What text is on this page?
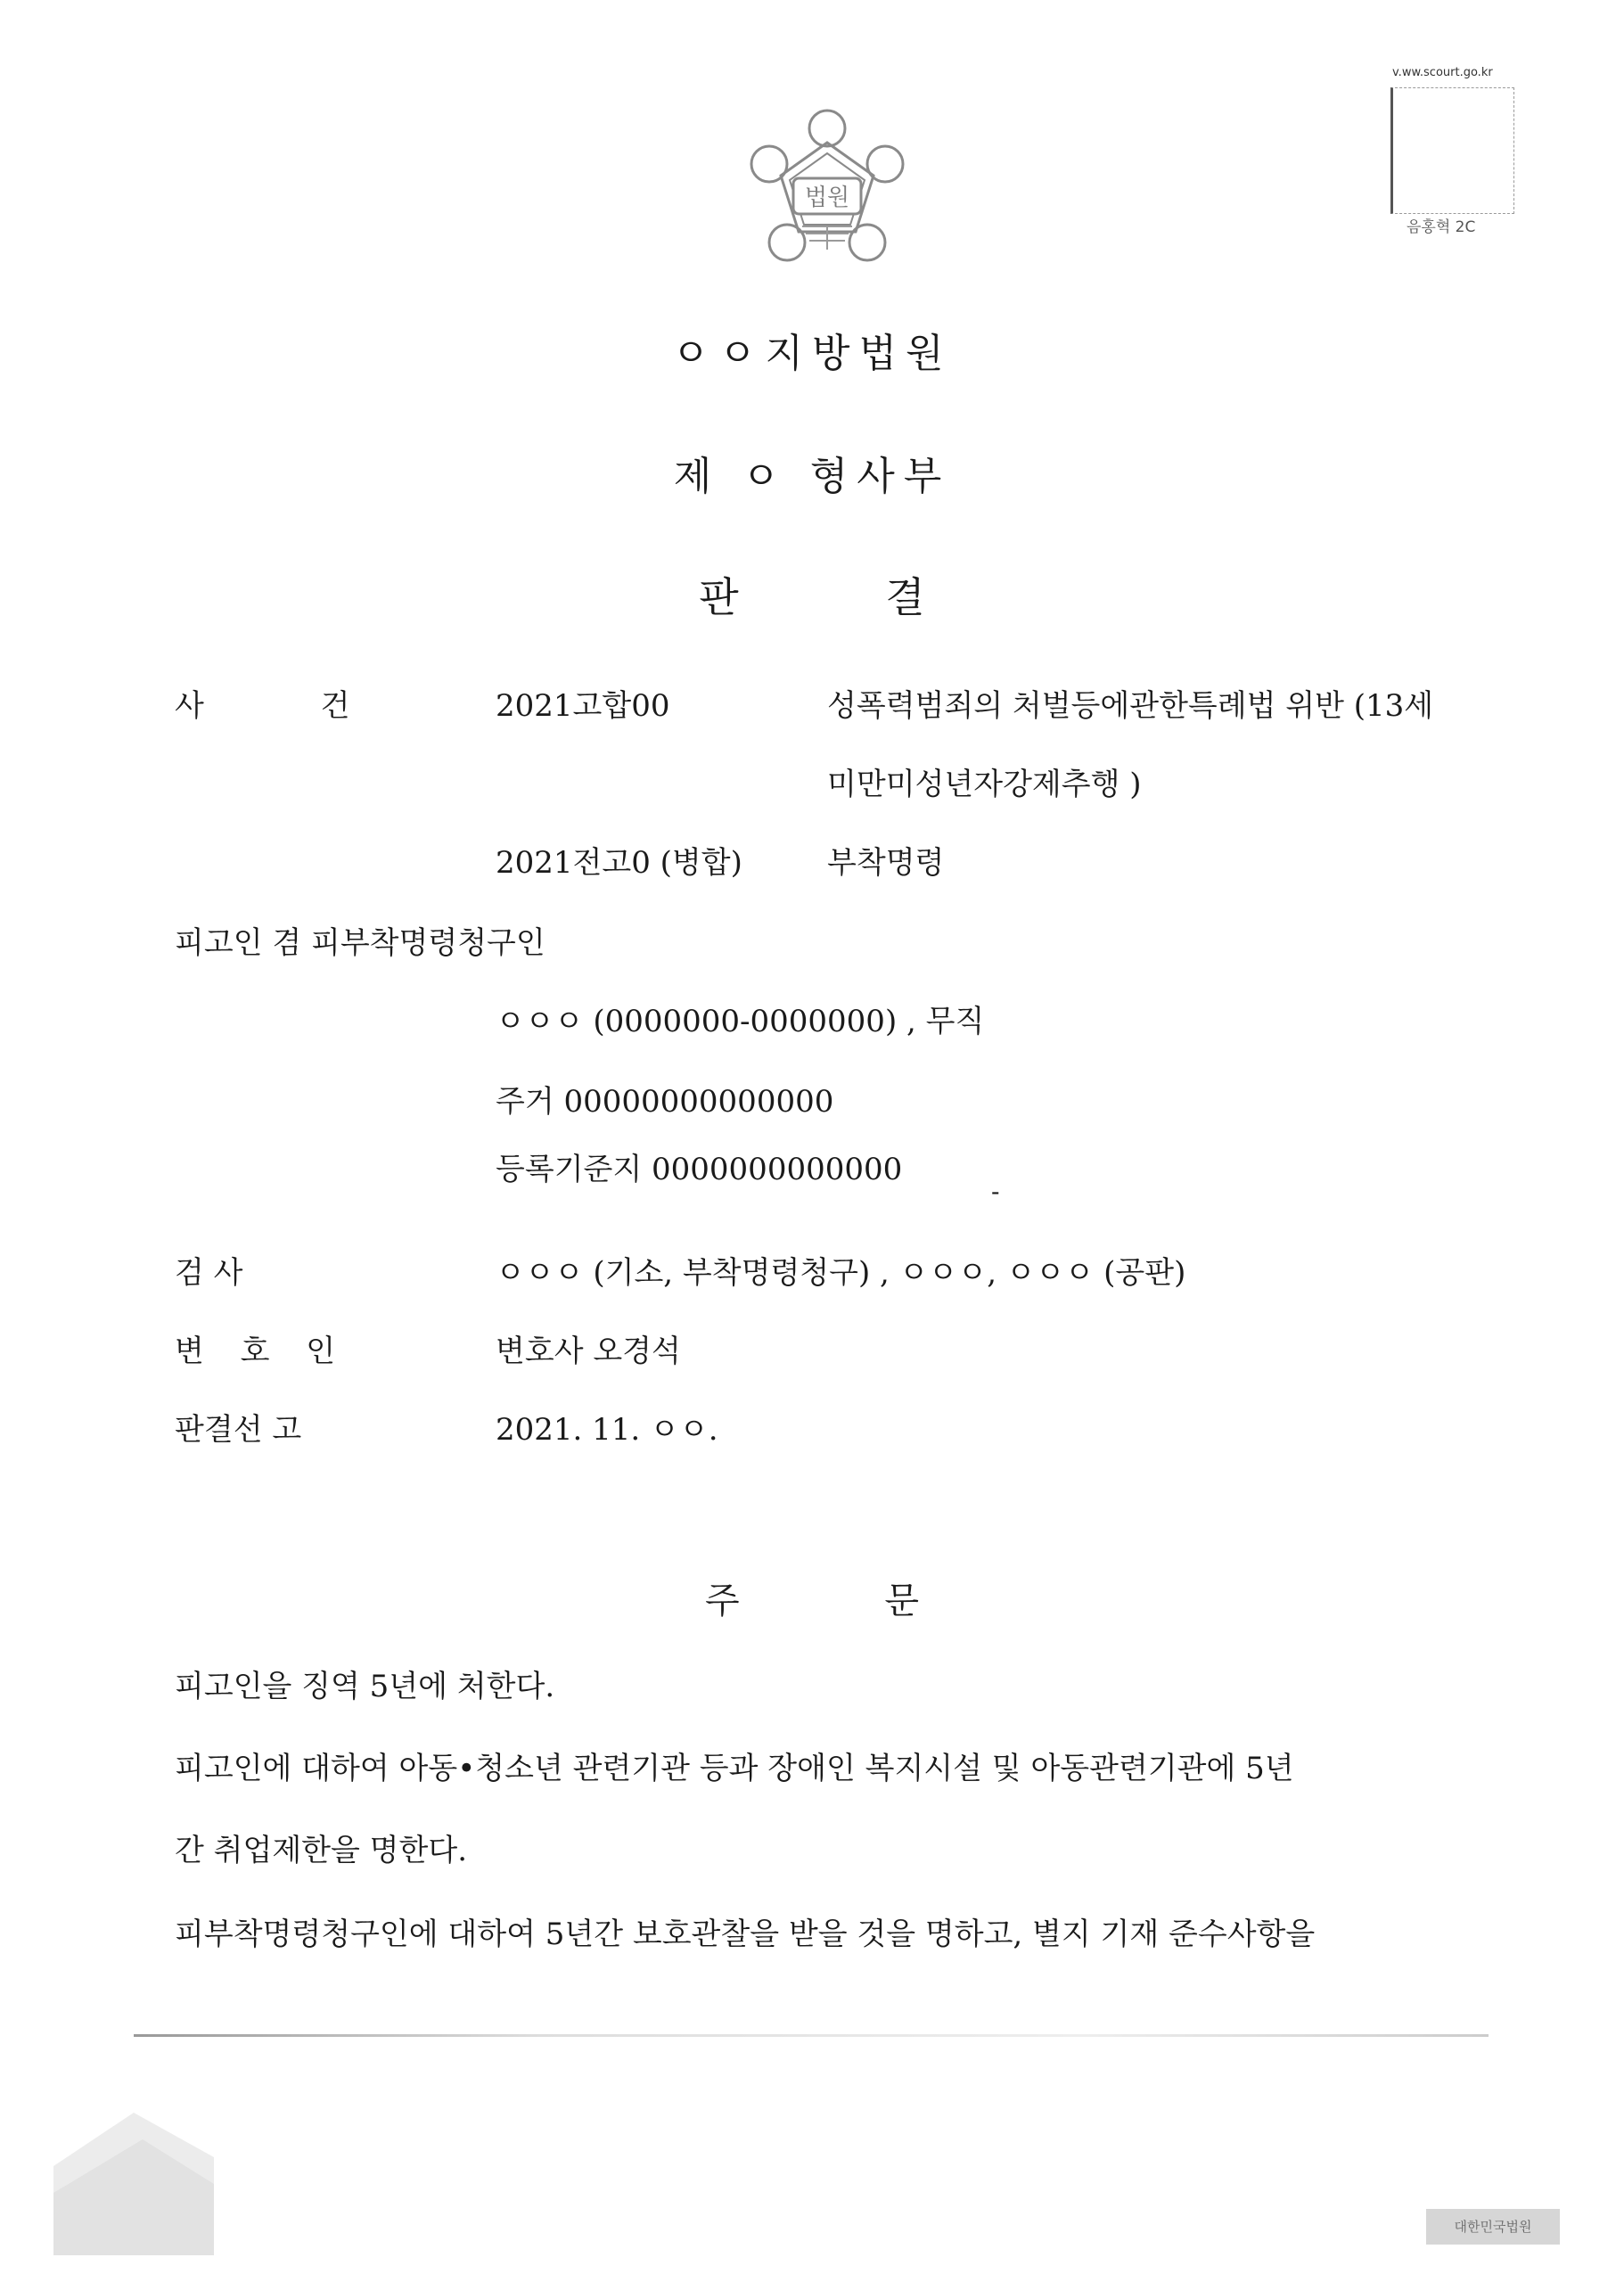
법원
v.ww.scourt.go.kr
음홍혁 2C
ㅇㅇ지방법원
제 ㅇ 형사부
판 결
사 건	2021고합00	성폭력범죄의 처벌등에관한특례법 위반 (13세
미만미성년자강제추행 )
2021전고0 (병합)	부착명령
피고인 겸 피부착명령청구인
ㅇㅇㅇ (0000000-0000000) , 무직
주거 00000000000000
등록기준지 0000000000000
-
검 사	ㅇㅇㅇ (기소, 부착명령청구) , ㅇㅇㅇ, ㅇㅇㅇ (공판)
변 호 인	변호사 오경석
판결선 고	2021. 11. ㅇㅇ.
주 문
피고인을 징역 5년에 처한다.
피고인에 대하여 아동•청소년 관련기관 등과 장애인 복지시설 및 아동관련기관에 5년
간 취업제한을 명한다.
피부착명령청구인에 대하여 5년간 보호관찰을 받을 것을 명하고, 별지 기재 준수사항을
대한민국법원
